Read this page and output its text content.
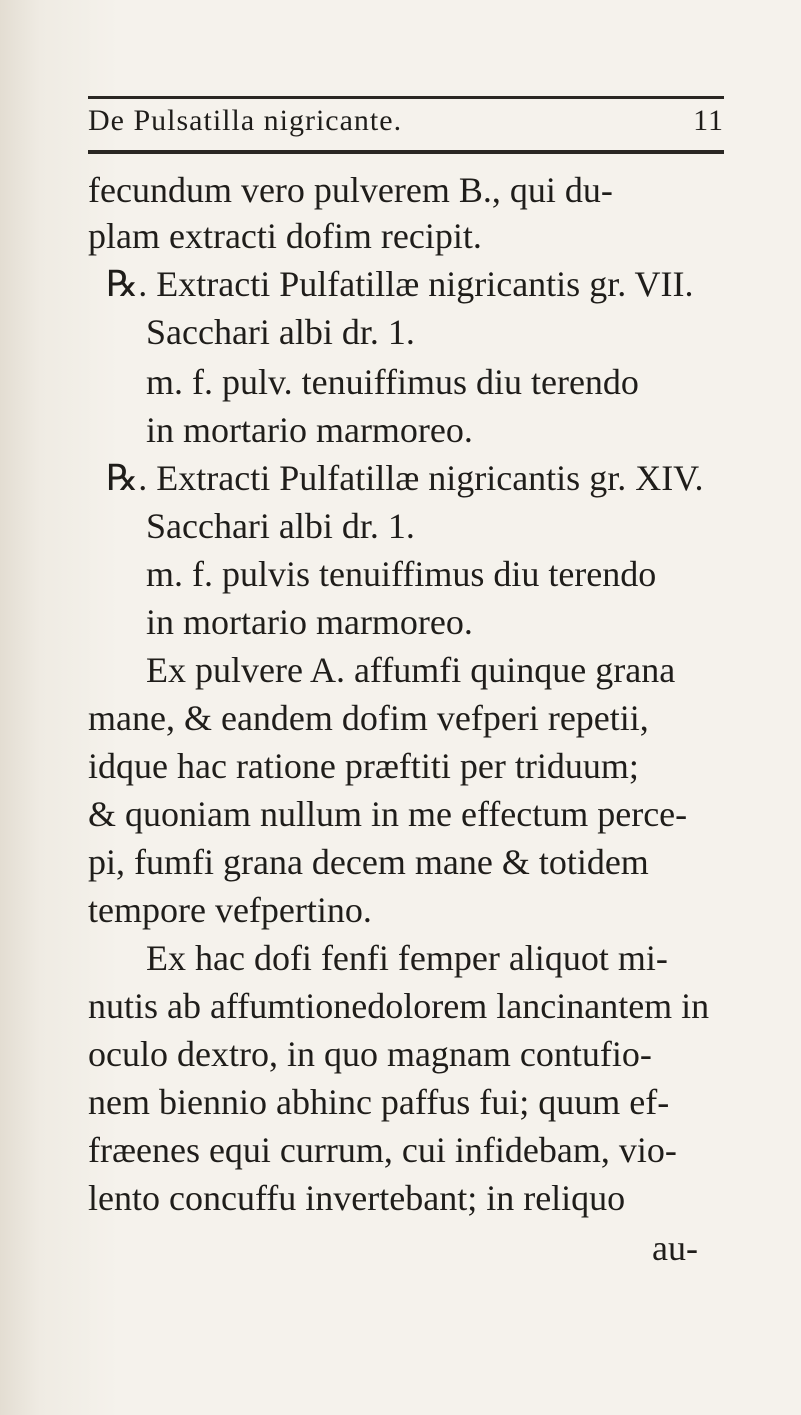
De Pulsatilla nigricante.	11
fecundum vero pulverem B., qui du-
plam extracti dofim recipit.
℞. Extracti Pulfatillæ nigricantis gr. VII.
Sacchari albi dr. 1.
m. f. pulv. tenuiffimus diu terendo
in mortario marmoreo.
℞. Extracti Pulfatillæ nigricantis gr. XIV.
Sacchari albi dr. 1.
m. f. pulvis tenuiffimus diu terendo
in mortario marmoreo.
Ex pulvere A. affumfi quinque grana
mane, & eandem dofim vefperi repetii,
idque hac ratione præftiti per triduum;
& quoniam nullum in me effectum perce-
pi, fumfi grana decem mane & totidem
tempore vefpertino.
Ex hac dofi fenfi femper aliquot mi-
nutis ab affumtionedolorem lancinantem in
oculo dextro, in quo magnam contufio-
nem biennio abhinc paffus fui; quum ef-
fræenes equi currum, cui infidebam, vio-
lento concuffu invertebant; in reliquo
au-
